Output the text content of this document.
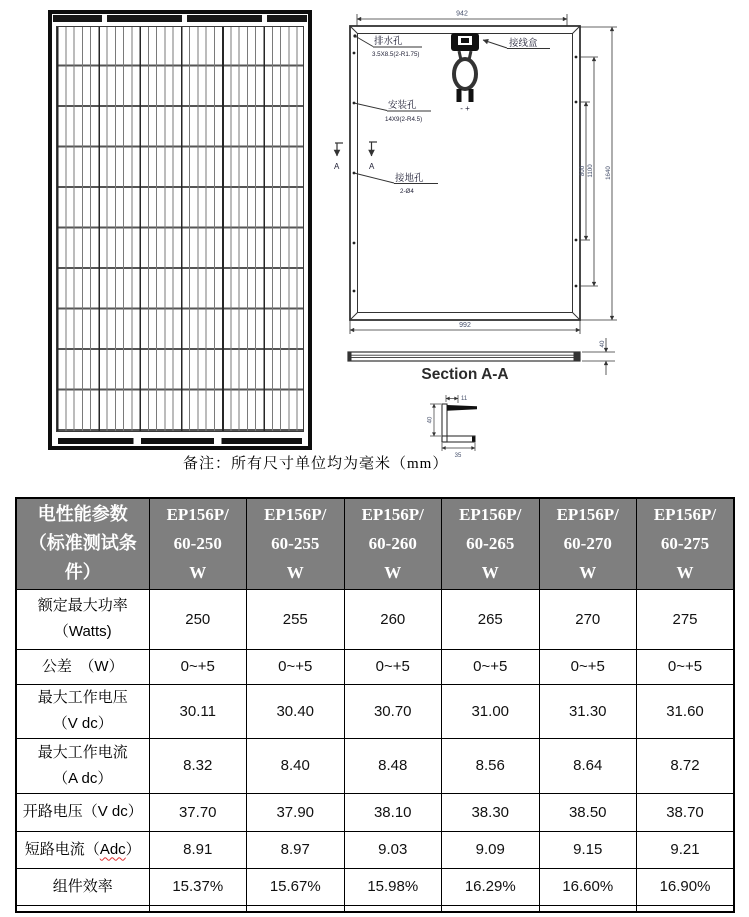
- +
排水孔
3.5X8.5(2-R1.75)
接线盒
安装孔
14X9(2-R4.5)
A	A
接地孔
2-Ø4
942
800 1100 1640
992
40
Section A-A
11
40
35
备注：所有尺寸单位均为毫米（mm）
电性能参数
（标准测试条
件）

EP156P/
60-250
W

EP156P/
60-255
W

EP156P/
60-260
W

EP156P/
60-265
W

EP156P/
60-270
W

EP156P/
60-275
W

额定最大功率
（Watts)	250	255	260	265	270	275

公差　（W）	0~+5	0~+5	0~+5	0~+5	0~+5	0~+5

最大工作电压
（V dc）	30.11	30.40	30.70	31.00	31.30	31.60

最大工作电流
（A dc）	8.32	8.40	8.48	8.56	8.64	8.72

开路电压（V dc）	37.70	37.90	38.10	38.30	38.50	38.70

短路电流（Adc）	8.91	8.97	9.03	9.09	9.15	9.21

组件效率	15.37%	15.67%	15.98%	16.29%	16.60%	16.90%
